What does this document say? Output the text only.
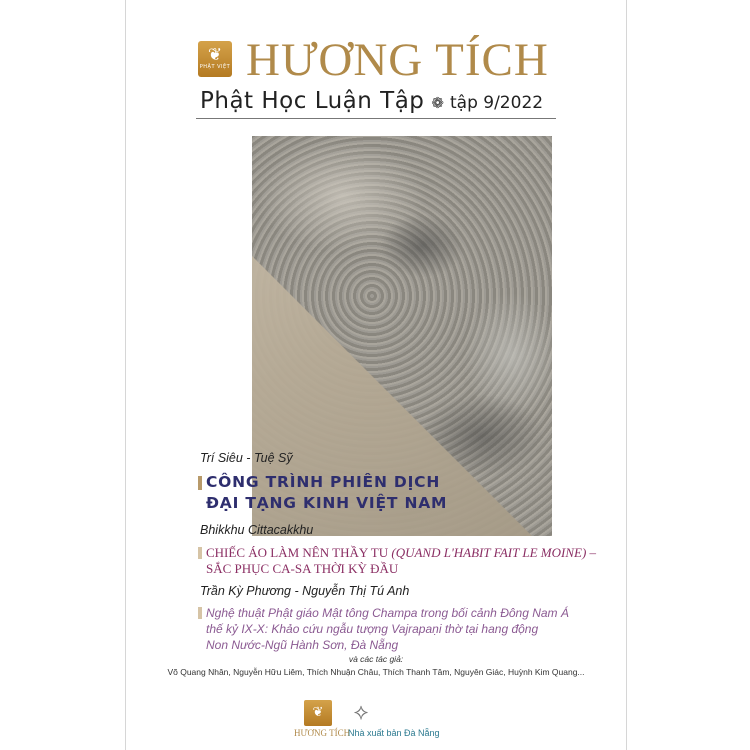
❦
PHẬT VIỆT HƯƠNG TÍCH
Phật Học Luận Tập ❁ tập 9/2022
Trí Siêu - Tuệ Sỹ
CÔNG TRÌNH PHIÊN DỊCH
ĐẠI TẠNG KINH VIỆT NAM
Bhikkhu Cittacakkhu
CHIẾC ÁO LÀM NÊN THẦY TU (QUAND L'HABIT FAIT LE MOINE) –
SẮC PHỤC CA-SA THỜI KỲ ĐẦU
Trần Kỳ Phương - Nguyễn Thị Tú Anh
Nghệ thuật Phật giáo Mật tông Champa trong bối cảnh Đông Nam Á
thế kỷ IX-X: Khảo cứu ngẫu tượng Vajrapaṇi thờ tại hang động
Non Nước-Ngũ Hành Sơn, Đà Nẵng
và các tác giả:
Võ Quang Nhân, Nguyễn Hữu Liêm, Thích Nhuận Châu, Thích Thanh Tâm, Nguyên Giác, Huỳnh Kim Quang...
❦
HƯƠNG TÍCH
⟡
Nhà xuất bản Đà Nẵng
